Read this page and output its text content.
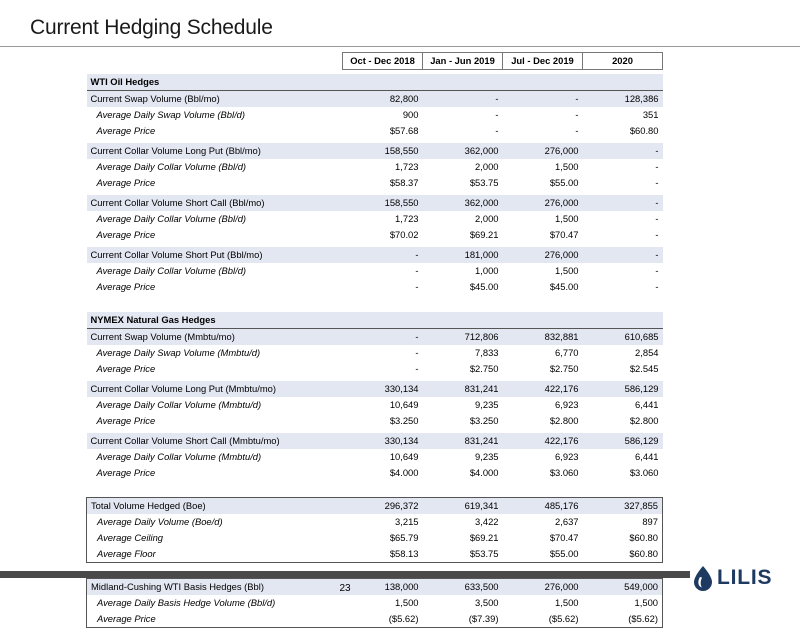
Current Hedging Schedule
	Oct - Dec 2018	Jan - Jun 2019	Jul - Dec 2019	2020

WTI Oil Hedges				
Current Swap Volume (Bbl/mo)	82,800	-	-	128,386
Average Daily Swap Volume (Bbl/d)	900	-	-	351
Average Price	$57.68	-	-	$60.80

Current Collar Volume Long Put (Bbl/mo)	158,550	362,000	276,000	-
Average Daily Collar Volume (Bbl/d)	1,723	2,000	1,500	-
Average Price	$58.37	$53.75	$55.00	-

Current Collar Volume Short Call (Bbl/mo)	158,550	362,000	276,000	-
Average Daily Collar Volume (Bbl/d)	1,723	2,000	1,500	-
Average Price	$70.02	$69.21	$70.47	-

Current Collar Volume Short Put (Bbl/mo)	-	181,000	276,000	-
Average Daily Collar Volume (Bbl/d)	-	1,000	1,500	-
Average Price	-	$45.00	$45.00	-

NYMEX Natural Gas Hedges				
Current Swap Volume (Mmbtu/mo)	-	712,806	832,881	610,685
Average Daily Swap Volume (Mmbtu/d)	-	7,833	6,770	2,854
Average Price	-	$2.750	$2.750	$2.545

Current Collar Volume Long Put (Mmbtu/mo)	330,134	831,241	422,176	586,129
Average Daily Collar Volume (Mmbtu/d)	10,649	9,235	6,923	6,441
Average Price	$3.250	$3.250	$2.800	$2.800

Current Collar Volume Short Call (Mmbtu/mo)	330,134	831,241	422,176	586,129
Average Daily Collar Volume (Mmbtu/d)	10,649	9,235	6,923	6,441
Average Price	$4.000	$4.000	$3.060	$3.060

Total Volume Hedged (Boe)	296,372	619,341	485,176	327,855
Average Daily Volume (Boe/d)	3,215	3,422	2,637	897
Average Ceiling	$65.79	$69.21	$70.47	$60.80
Average Floor	$58.13	$53.75	$55.00	$60.80

Midland-Cushing WTI Basis Hedges (Bbl)	138,000	633,500	276,000	549,000
Average Daily Basis Hedge Volume (Bbl/d)	1,500	3,500	1,500	1,500
Average Price	($5.62)	($7.39)	($5.62)	($5.62)
23	LILIS
